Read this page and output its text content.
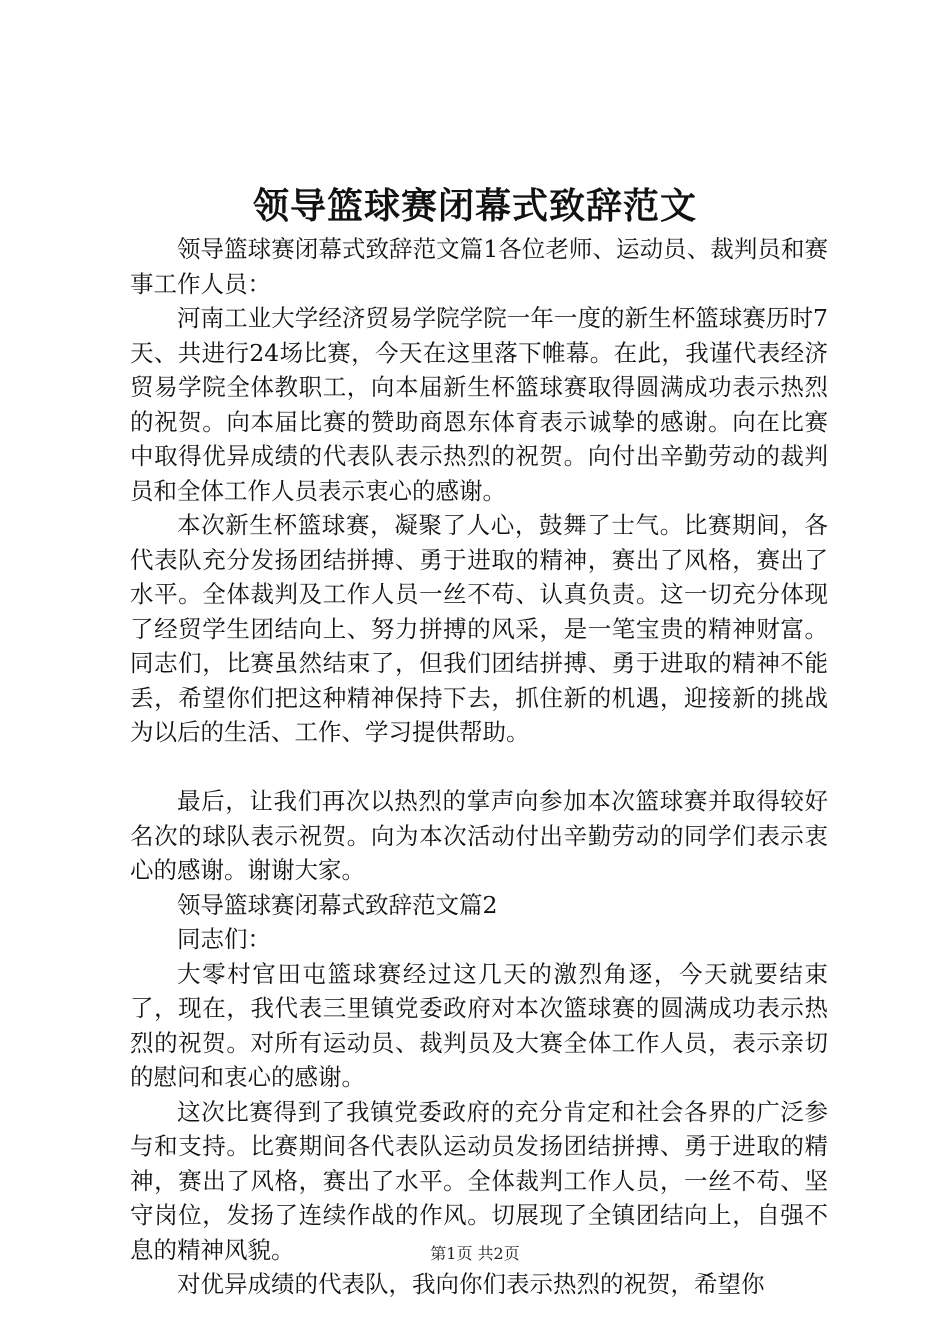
领导篮球赛闭幕式致辞范文

领导篮球赛闭幕式致辞范文篇1各位老师、运动员、裁判员和赛事工作人员：

河南工业大学经济贸易学院学院一年一度的新生杯篮球赛历时7天、共进行24场比赛，今天在这里落下帷幕。在此，我谨代表经济贸易学院全体教职工，向本届新生杯篮球赛取得圆满成功表示热烈的祝贺。向本届比赛的赞助商恩东体育表示诚挚的感谢。向在比赛中取得优异成绩的代表队表示热烈的祝贺。向付出辛勤劳动的裁判员和全体工作人员表示衷心的感谢。

本次新生杯篮球赛，凝聚了人心，鼓舞了士气。比赛期间，各代表队充分发扬团结拼搏、勇于进取的精神，赛出了风格，赛出了水平。全体裁判及工作人员一丝不苟、认真负责。这一切充分体现了经贸学生团结向上、努力拼搏的风采，是一笔宝贵的精神财富。同志们，比赛虽然结束了，但我们团结拼搏、勇于进取的精神不能丢，希望你们把这种精神保持下去，抓住新的机遇，迎接新的挑战为以后的生活、工作、学习提供帮助。

最后，让我们再次以热烈的掌声向参加本次篮球赛并取得较好名次的球队表示祝贺。向为本次活动付出辛勤劳动的同学们表示衷心的感谢。谢谢大家。

领导篮球赛闭幕式致辞范文篇2

同志们：

大零村官田屯篮球赛经过这几天的激烈角逐，今天就要结束了，现在，我代表三里镇党委政府对本次篮球赛的圆满成功表示热烈的祝贺。对所有运动员、裁判员及大赛全体工作人员，表示亲切的慰问和衷心的感谢。

这次比赛得到了我镇党委政府的充分肯定和社会各界的广泛参与和支持。比赛期间各代表队运动员发扬团结拼搏、勇于进取的精神，赛出了风格，赛出了水平。全体裁判工作人员，一丝不苟、坚守岗位，发扬了连续作战的作风。切展现了全镇团结向上，自强不息的精神风貌。

对优异成绩的代表队，我向你们表示热烈的祝贺，希望你

第1页 共2页
